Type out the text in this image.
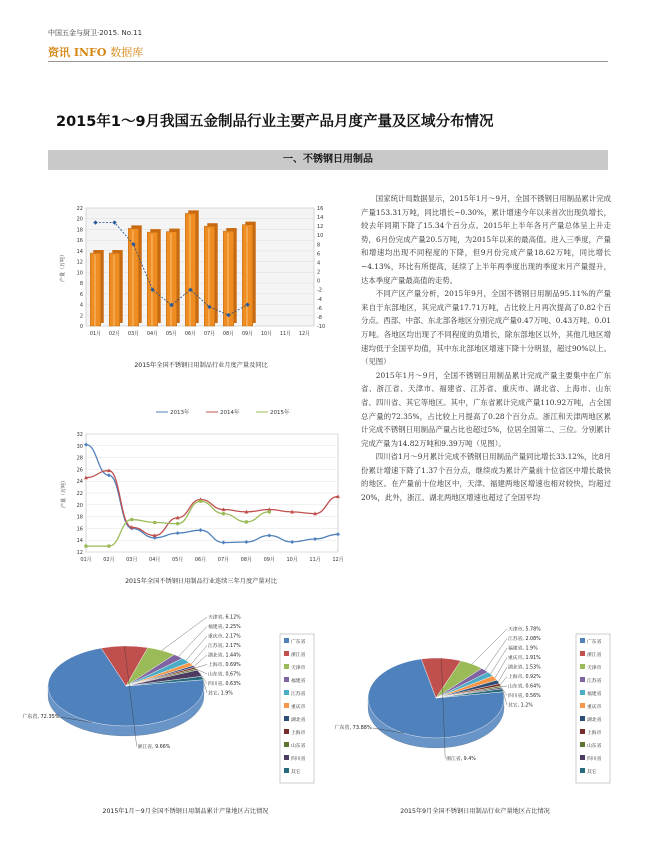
中国五金与厨卫·2015. No.11
资讯 INFO 数据库
2015年1～9月我国五金制品行业主要产品月度产量及区域分布情况
一、不锈钢日用制品
0
2
4
6
8
10
12
14
16
18
20
22
-10
-8
-6
-4
-2
0
2
4
6
8
10
12
14
16
产量（万吨）
01月 02月 03月 04月 05月 06月 07月 08月 09月 10月 11月 12月
2015年全国不锈钢日用制品行业月度产量及同比
2013年	2014年	2015年
12
14
16
18
20
22
24
26
28
30
32
产量（万吨）
01月 02月 03月 04月 05月 06月 07月 08月 09月 10月 11月 12月
2015年全国不锈钢日用制品行业连续三年月度产量对比
广东省
浙江省
天津市
福建省
江苏省
重庆市
湖北省
上海市
山东省
四川省
其它
广东省, 72.35%
浙江省, 9.66%
天津省, 6.12%
福建省, 2.25%
重庆市, 2.17%
江苏省, 2.17%
湖北省, 1.44%
上海市, 0.69%
山东省, 0.67%
四川省, 0.63%
其它, 1.9%
2015年1月～9月全国不锈钢日用制品累计产量地区占比情况
广东省
浙江省
天津市
江苏省
福建省
重庆市
湖北省
上海市
山东省
四川省
其它
广东省, 73.88%
浙江省, 9.4%
天津市, 5.78%
江苏省, 2.08%
福建省, 1.9%
重庆市, 1.91%
湖北省, 1.53%
上海市, 0.92%
山东省, 0.64%
四川省, 0.56%
其它, 1.2%
2015年9月全国不锈钢日用制品行业产量地区占比情况

国家统计局数据显示，2015年1月～9月，全国不锈钢日用制品累计完成产量153.31万吨，同比增长~0.30%，累计增速今年以来首次出现负增长，较去年同期下降了15.34个百分点。2015年上半年各月产量总体呈上升走势，6月份完成产量20.5万吨，为2015年以来的最高值。进入三季度，产量和增速均出现不同程度的下降，但9月份完成产量18.62万吨，同比增长~4.13%，环比有所提高，延续了上半年两季度出现的季度末月产量提升，达本季度产量最高值的走势。

不同产区产量分析，2015年9月，全国不锈钢日用制品95.11%的产量来自于东部地区，其完成产量17.71万吨，占比较上月再次提高了0.82个百分点。西部、中部、东北部各地区分别完成产量0.47万吨、0.43万吨、0.01万吨。各地区均出现了不同程度的负增长，除东部地区以外，其他几地区增速均低于全国平均值，其中东北部地区增速下降十分明显，超过90%以上。（见图）

2015年1月～9月，全国不锈钢日用制品累计完成产量主要集中在广东省、浙江省、天津市、福建省、江苏省、重庆市、湖北省、上海市、山东省、四川省、其它等地区。其中，广东省累计完成产量110.92万吨，占全国总产量的72.35%，占比较上月提高了0.28个百分点。浙江和天津两地区累计完成不锈钢日用制品产量占比也超过5%，位居全国第二、三位。分别累计完成产量为14.82万吨和9.39万吨（见图）。

四川省1月～9月累计完成不锈钢日用制品产量同比增长33.12%，比8月份累计增速下降了1.37个百分点，继续成为累计产量前十位省区中增长最快的地区。在产量前十位地区中，天津、福建两地区增速也相对较快，均超过20%，此外，浙江、湖北两地区增速也超过了全国平均
